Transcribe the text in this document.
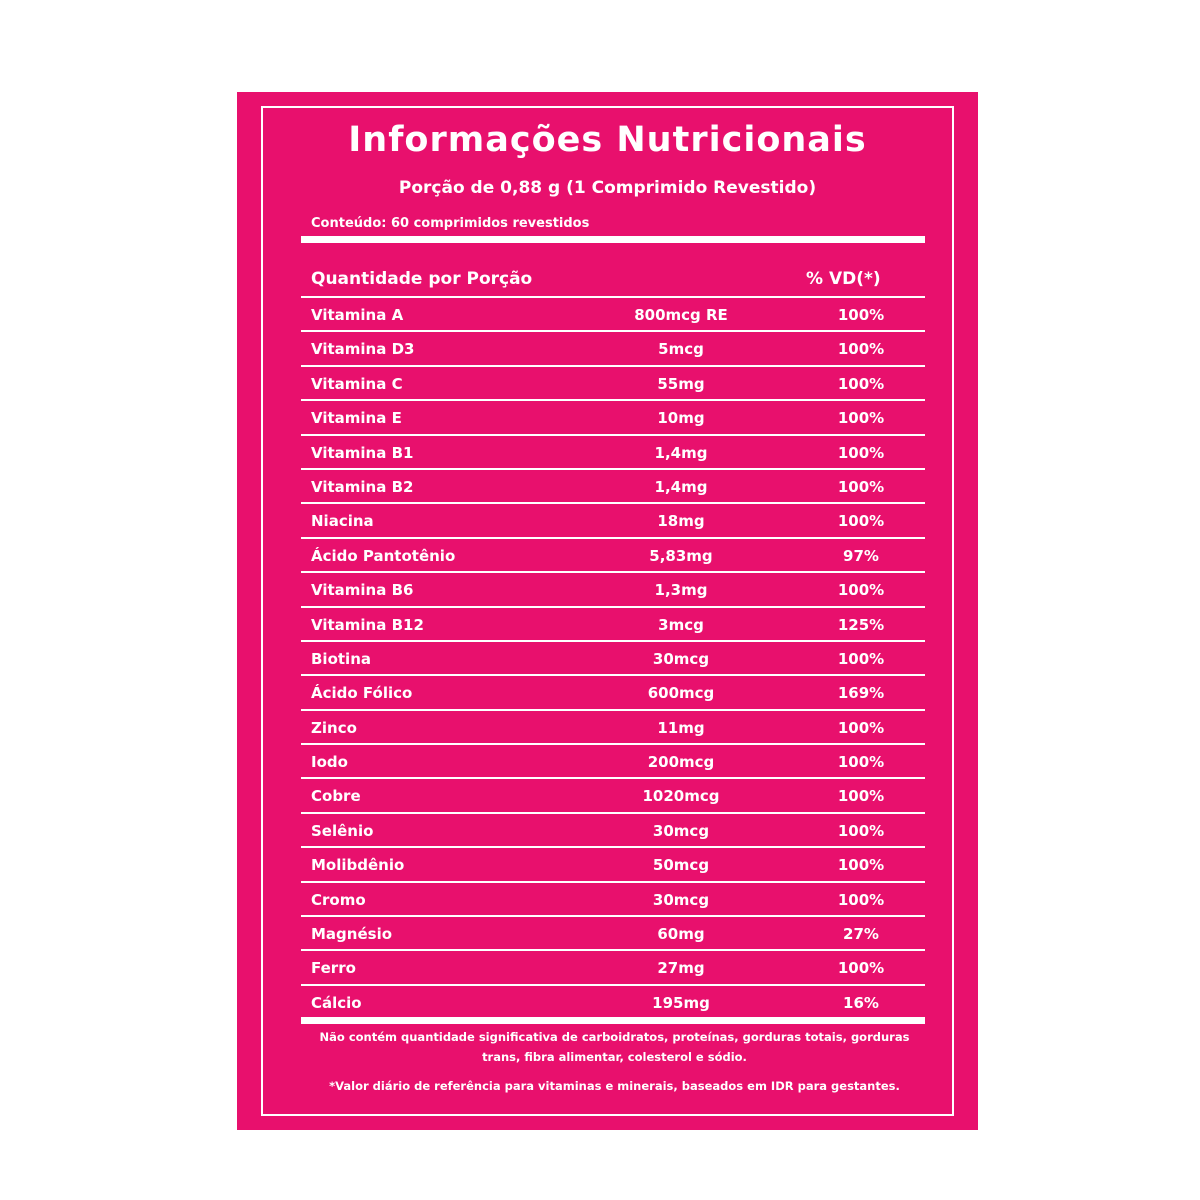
Informações Nutricionais
Porção de 0,88 g (1 Comprimido Revestido)
Conteúdo: 60 comprimidos revestidos
Quantidade por Porção	% VD(*)
Vitamina A	800mcg RE	100%
Vitamina D3	5mcg	100%
Vitamina C	55mg	100%
Vitamina E	10mg	100%
Vitamina B1	1,4mg	100%
Vitamina B2	1,4mg	100%
Niacina	18mg	100%
Ácido Pantotênio	5,83mg	97%
Vitamina B6	1,3mg	100%
Vitamina B12	3mcg	125%
Biotina	30mcg	100%
Ácido Fólico	600mcg	169%
Zinco	11mg	100%
Iodo	200mcg	100%
Cobre	1020mcg	100%
Selênio	30mcg	100%
Molibdênio	50mcg	100%
Cromo	30mcg	100%
Magnésio	60mg	27%
Ferro	27mg	100%
Cálcio	195mg	16%
Não contém quantidade significativa de carboidratos, proteínas, gorduras totais, gorduras trans, fibra alimentar, colesterol e sódio.
*Valor diário de referência para vitaminas e minerais, baseados em IDR para gestantes.
